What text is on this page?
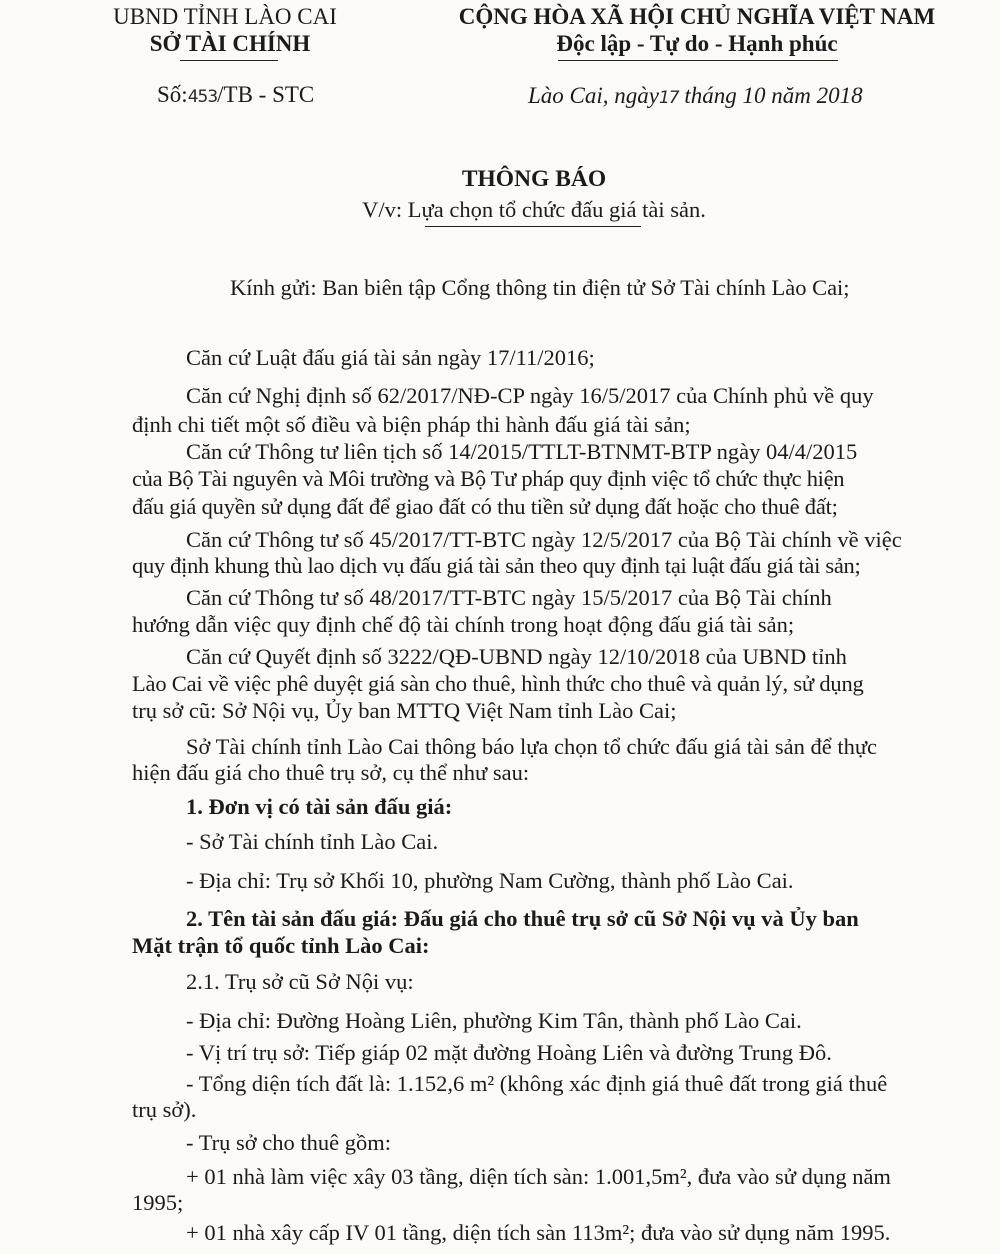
UBND TỈNH LÀO CAI
SỞ TÀI CHÍNH
Số:453/TB - STC
CỘNG HÒA XÃ HỘI CHỦ NGHĨA VIỆT NAM
Độc lập - Tự do - Hạnh phúc
Lào Cai, ngày17 tháng 10 năm 2018
THÔNG BÁO
V/v: Lựa chọn tổ chức đấu giá tài sản.
Kính gửi: Ban biên tập Cổng thông tin điện tử Sở Tài chính Lào Cai;
Căn cứ Luật đấu giá tài sản ngày 17/11/2016;
Căn cứ Nghị định số 62/2017/NĐ-CP ngày 16/5/2017 của Chính phủ về quy
định chi tiết một số điều và biện pháp thi hành đấu giá tài sản;
Căn cứ Thông tư liên tịch số 14/2015/TTLT-BTNMT-BTP ngày 04/4/2015
của Bộ Tài nguyên và Môi trường và Bộ Tư pháp quy định việc tổ chức thực hiện
đấu giá quyền sử dụng đất để giao đất có thu tiền sử dụng đất hoặc cho thuê đất;
Căn cứ Thông tư số 45/2017/TT-BTC ngày 12/5/2017 của Bộ Tài chính về việc
quy định khung thù lao dịch vụ đấu giá tài sản theo quy định tại luật đấu giá tài sản;
Căn cứ Thông tư số 48/2017/TT-BTC ngày 15/5/2017 của Bộ Tài chính
hướng dẫn việc quy định chế độ tài chính trong hoạt động đấu giá tài sản;
Căn cứ Quyết định số 3222/QĐ-UBND ngày 12/10/2018 của UBND tỉnh
Lào Cai về việc phê duyệt giá sàn cho thuê, hình thức cho thuê và quản lý, sử dụng
trụ sở cũ: Sở Nội vụ, Ủy ban MTTQ Việt Nam tỉnh Lào Cai;
Sở Tài chính tỉnh Lào Cai thông báo lựa chọn tổ chức đấu giá tài sản để thực
hiện đấu giá cho thuê trụ sở, cụ thể như sau:
1. Đơn vị có tài sản đấu giá:
- Sở Tài chính tỉnh Lào Cai.
- Địa chỉ: Trụ sở Khối 10, phường Nam Cường, thành phố Lào Cai.
2. Tên tài sản đấu giá: Đấu giá cho thuê trụ sở cũ Sở Nội vụ và Ủy ban
Mặt trận tổ quốc tỉnh Lào Cai:
2.1. Trụ sở cũ Sở Nội vụ:
- Địa chỉ: Đường Hoàng Liên, phường Kim Tân, thành phố Lào Cai.
- Vị trí trụ sở: Tiếp giáp 02 mặt đường Hoàng Liên và đường Trung Đô.
- Tổng diện tích đất là: 1.152,6 m² (không xác định giá thuê đất trong giá thuê
trụ sở).
- Trụ sở cho thuê gồm:
+ 01 nhà làm việc xây 03 tầng, diện tích sàn: 1.001,5m², đưa vào sử dụng năm
1995;
+ 01 nhà xây cấp IV 01 tầng, diện tích sàn 113m²; đưa vào sử dụng năm 1995.
